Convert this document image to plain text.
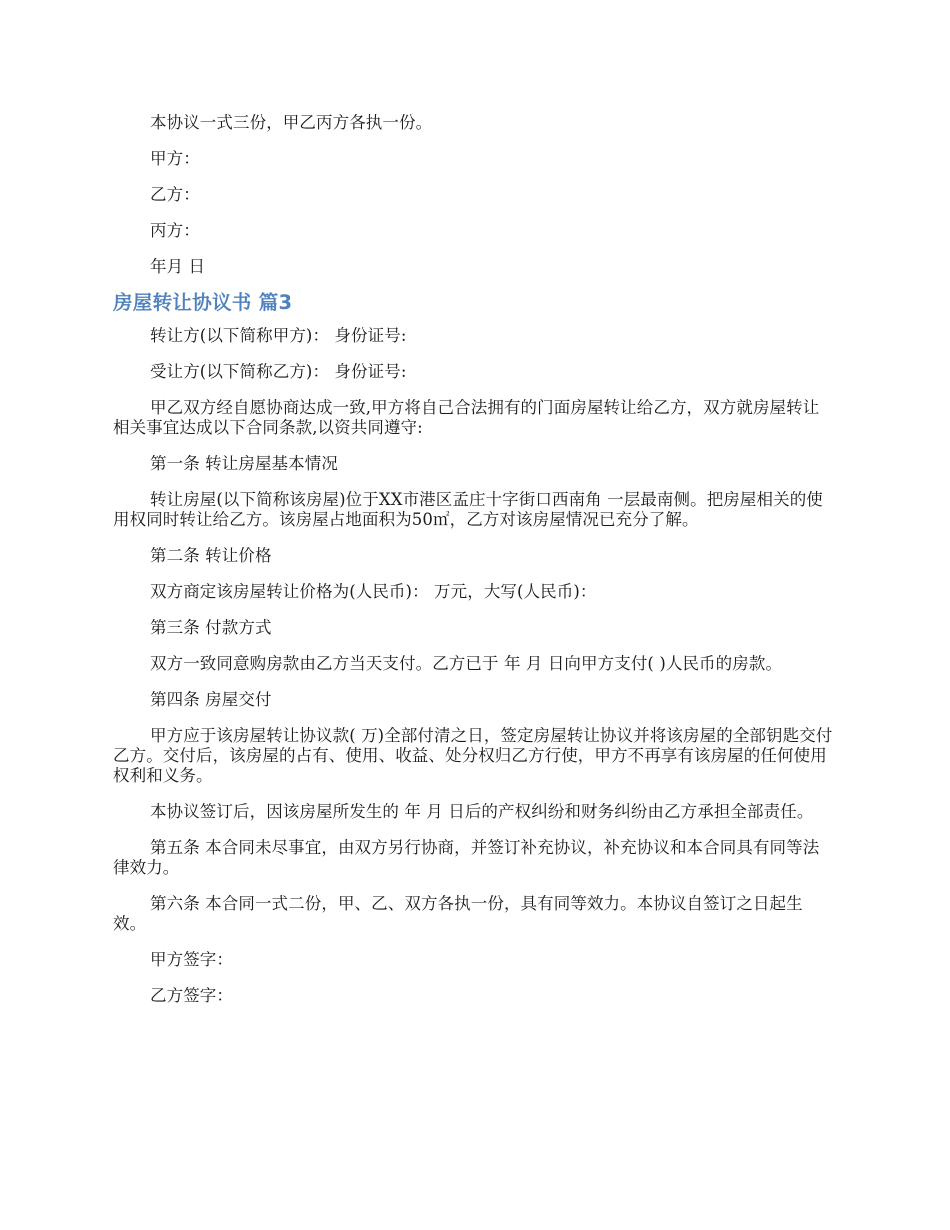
本协议一式三份，甲乙丙方各执一份。

甲方：

乙方：

丙方：

年月 日

房屋转让协议书 篇3

转让方(以下简称甲方)： 身份证号:

受让方(以下简称乙方)： 身份证号:

甲乙双方经自愿协商达成一致,甲方将自己合法拥有的门面房屋转让给乙方，双方就房屋转让相关事宜达成以下合同条款,以资共同遵守:

第一条 转让房屋基本情况

转让房屋(以下简称该房屋)位于XX市港区孟庄十字街口西南角 一层最南侧。把房屋相关的使用权同时转让给乙方。该房屋占地面积为50㎡，乙方对该房屋情况已充分了解。

第二条 转让价格

双方商定该房屋转让价格为(人民币)： 万元，大写(人民币)：

第三条 付款方式

双方一致同意购房款由乙方当天支付。乙方已于 年 月 日向甲方支付( )人民币的房款。

第四条 房屋交付

甲方应于该房屋转让协议款( 万)全部付清之日，签定房屋转让协议并将该房屋的全部钥匙交付乙方。交付后，该房屋的占有、使用、收益、处分权归乙方行使，甲方不再享有该房屋的任何使用权利和义务。

本协议签订后，因该房屋所发生的 年 月 日后的产权纠纷和财务纠纷由乙方承担全部责任。

第五条 本合同未尽事宜，由双方另行协商，并签订补充协议，补充协议和本合同具有同等法律效力。

第六条 本合同一式二份，甲、乙、双方各执一份，具有同等效力。本协议自签订之日起生效。

甲方签字：

乙方签字：
